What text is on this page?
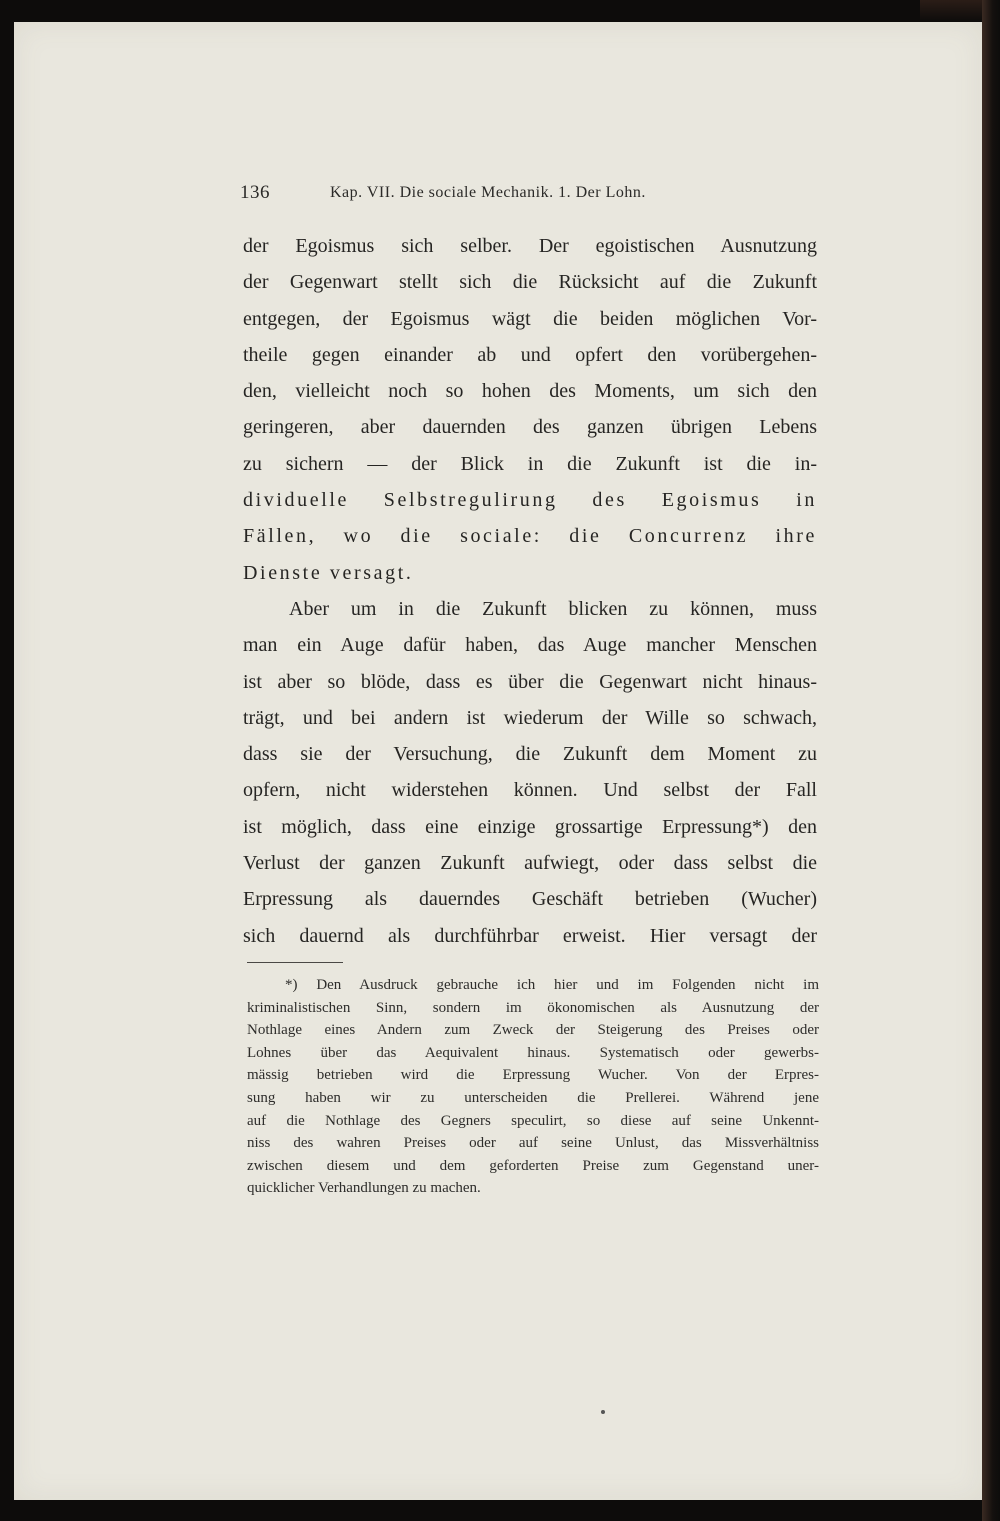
136	Kap. VII. Die sociale Mechanik. 1. Der Lohn.
der Egoismus sich selber. Der egoistischen Ausnutzung
der Gegenwart stellt sich die Rücksicht auf die Zukunft
entgegen, der Egoismus wägt die beiden möglichen Vor-
theile gegen einander ab und opfert den vorübergehen-
den, vielleicht noch so hohen des Moments, um sich den
geringeren, aber dauernden des ganzen übrigen Lebens
zu sichern — der Blick in die Zukunft ist die in-
dividuelle Selbstregulirung des Egoismus in
Fällen, wo die sociale: die Concurrenz ihre
Dienste versagt.
Aber um in die Zukunft blicken zu können, muss
man ein Auge dafür haben, das Auge mancher Menschen
ist aber so blöde, dass es über die Gegenwart nicht hinaus-
trägt, und bei andern ist wiederum der Wille so schwach,
dass sie der Versuchung, die Zukunft dem Moment zu
opfern, nicht widerstehen können. Und selbst der Fall
ist möglich, dass eine einzige grossartige Erpressung*) den
Verlust der ganzen Zukunft aufwiegt, oder dass selbst die
Erpressung als dauerndes Geschäft betrieben (Wucher)
sich dauernd als durchführbar erweist. Hier versagt der
*) Den Ausdruck gebrauche ich hier und im Folgenden nicht im
kriminalistischen Sinn, sondern im ökonomischen als Ausnutzung der
Nothlage eines Andern zum Zweck der Steigerung des Preises oder
Lohnes über das Aequivalent hinaus. Systematisch oder gewerbs-
mässig betrieben wird die Erpressung Wucher. Von der Erpres-
sung haben wir zu unterscheiden die Prellerei. Während jene
auf die Nothlage des Gegners speculirt, so diese auf seine Unkennt-
niss des wahren Preises oder auf seine Unlust, das Missverhältniss
zwischen diesem und dem geforderten Preise zum Gegenstand uner-
quicklicher Verhandlungen zu machen.
